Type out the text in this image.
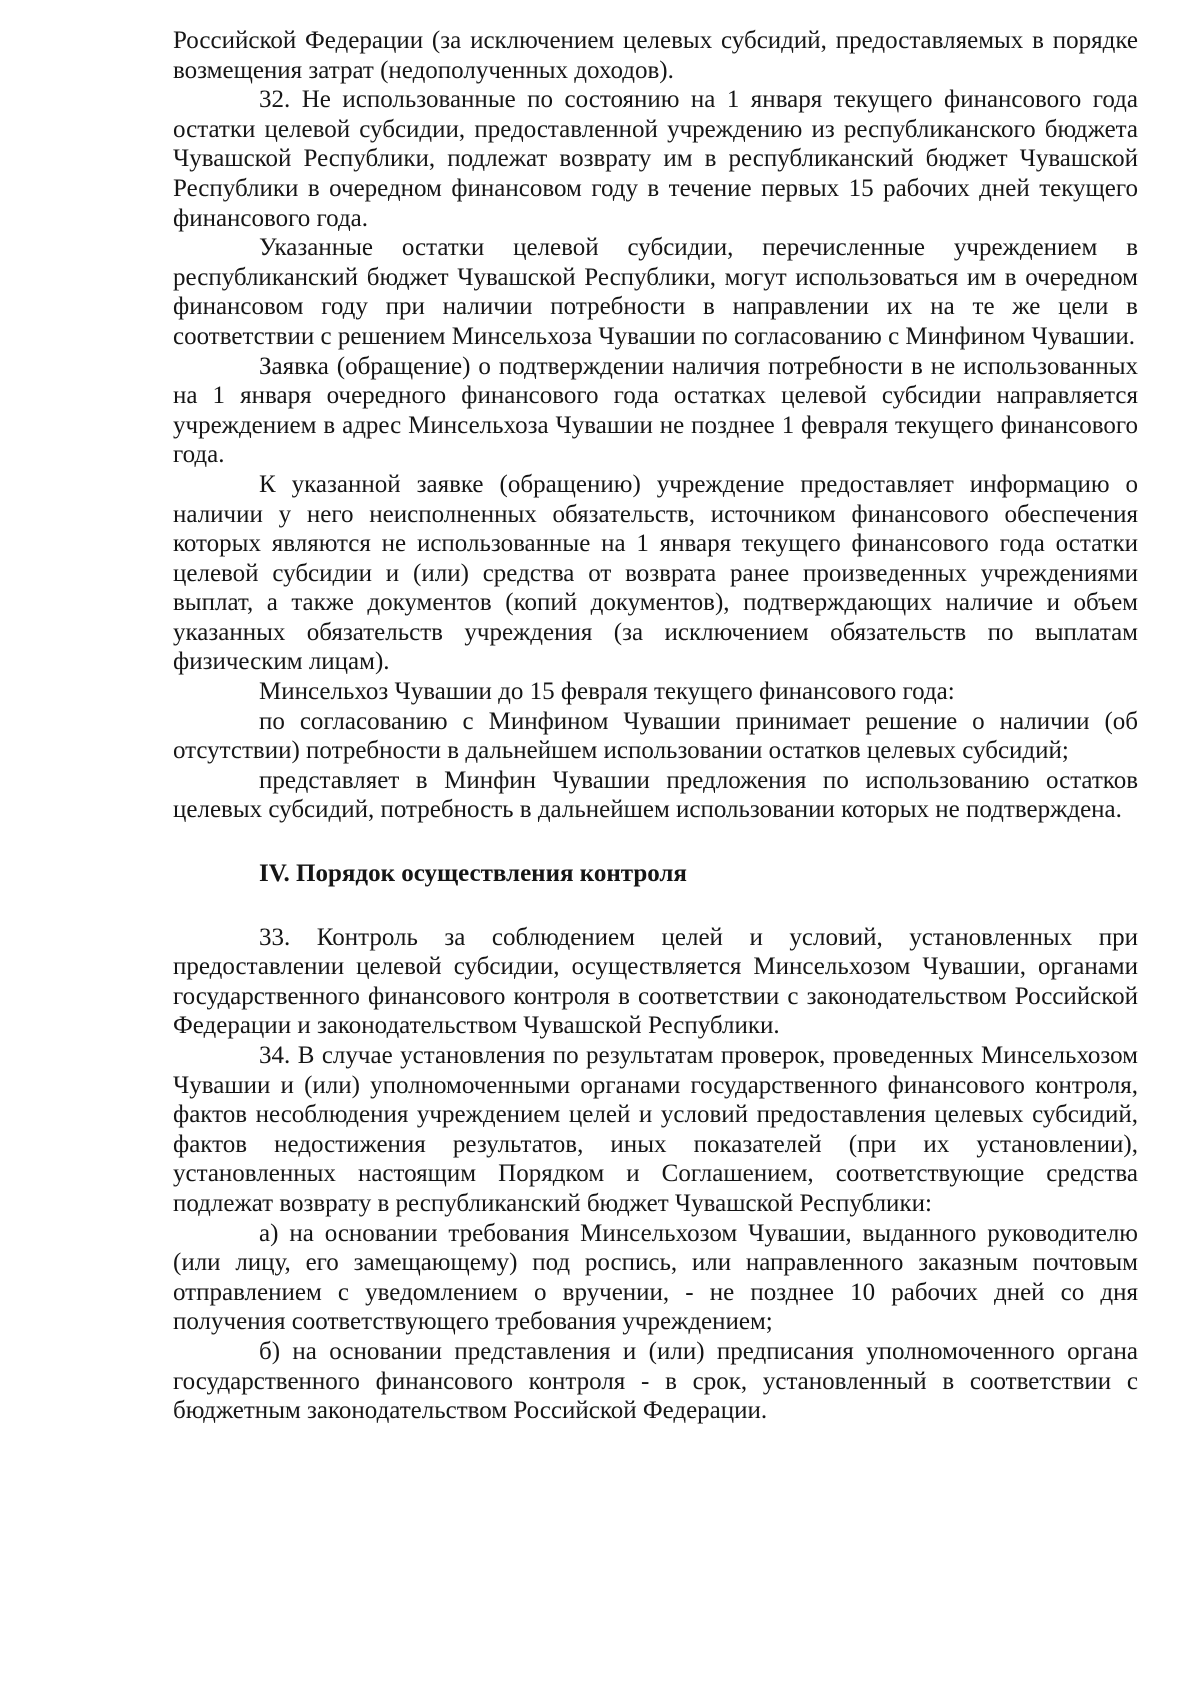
Российской Федерации (за исключением целевых субсидий, предоставляемых в порядке возмещения затрат (недополученных доходов).

32. Не использованные по состоянию на 1 января текущего финансового года остатки целевой субсидии, предоставленной учреждению из республиканского бюджета Чувашской Республики, подлежат возврату им в республиканский бюджет Чувашской Республики в очередном финансовом году в течение первых 15 рабочих дней текущего финансового года.

Указанные остатки целевой субсидии, перечисленные учреждением в республиканский бюджет Чувашской Республики, могут использоваться им в очередном финансовом году при наличии потребности в направлении их на те же цели в соответствии с решением Минсельхоза Чувашии по согласованию с Минфином Чувашии.

Заявка (обращение) о подтверждении наличия потребности в не использованных на 1 января очередного финансового года остатках целевой субсидии направляется учреждением в адрес Минсельхоза Чувашии не позднее 1 февраля текущего финансового года.

К указанной заявке (обращению) учреждение предоставляет информацию о наличии у него неисполненных обязательств, источником финансового обеспечения которых являются не использованные на 1 января текущего финансового года остатки целевой субсидии и (или) средства от возврата ранее произведенных учреждениями выплат, а также документов (копий документов), подтверждающих наличие и объем указанных обязательств учреждения (за исключением обязательств по выплатам физическим лицам).

Минсельхоз Чувашии до 15 февраля текущего финансового года:

по согласованию с Минфином Чувашии принимает решение о наличии (об отсутствии) потребности в дальнейшем использовании остатков целевых субсидий;

представляет в Минфин Чувашии предложения по использованию остатков целевых субсидий, потребность в дальнейшем использовании которых не подтверждена.

IV. Порядок осуществления контроля

33. Контроль за соблюдением целей и условий, установленных при предоставлении целевой субсидии, осуществляется Минсельхозом Чувашии, органами государственного финансового контроля в соответствии с законодательством Российской Федерации и законодательством Чувашской Республики.

34. В случае установления по результатам проверок, проведенных Минсельхозом Чувашии и (или) уполномоченными органами государственного финансового контроля, фактов несоблюдения учреждением целей и условий предоставления целевых субсидий, фактов недостижения результатов, иных показателей (при их установлении), установленных настоящим Порядком и Соглашением, соответствующие средства подлежат возврату в республиканский бюджет Чувашской Республики:

а) на основании требования Минсельхозом Чувашии, выданного руководителю (или лицу, его замещающему) под роспись, или направленного заказным почтовым отправлением с уведомлением о вручении, - не позднее 10 рабочих дней со дня получения соответствующего требования учреждением;

б) на основании представления и (или) предписания уполномоченного органа государственного финансового контроля - в срок, установленный в соответствии с бюджетным законодательством Российской Федерации.
